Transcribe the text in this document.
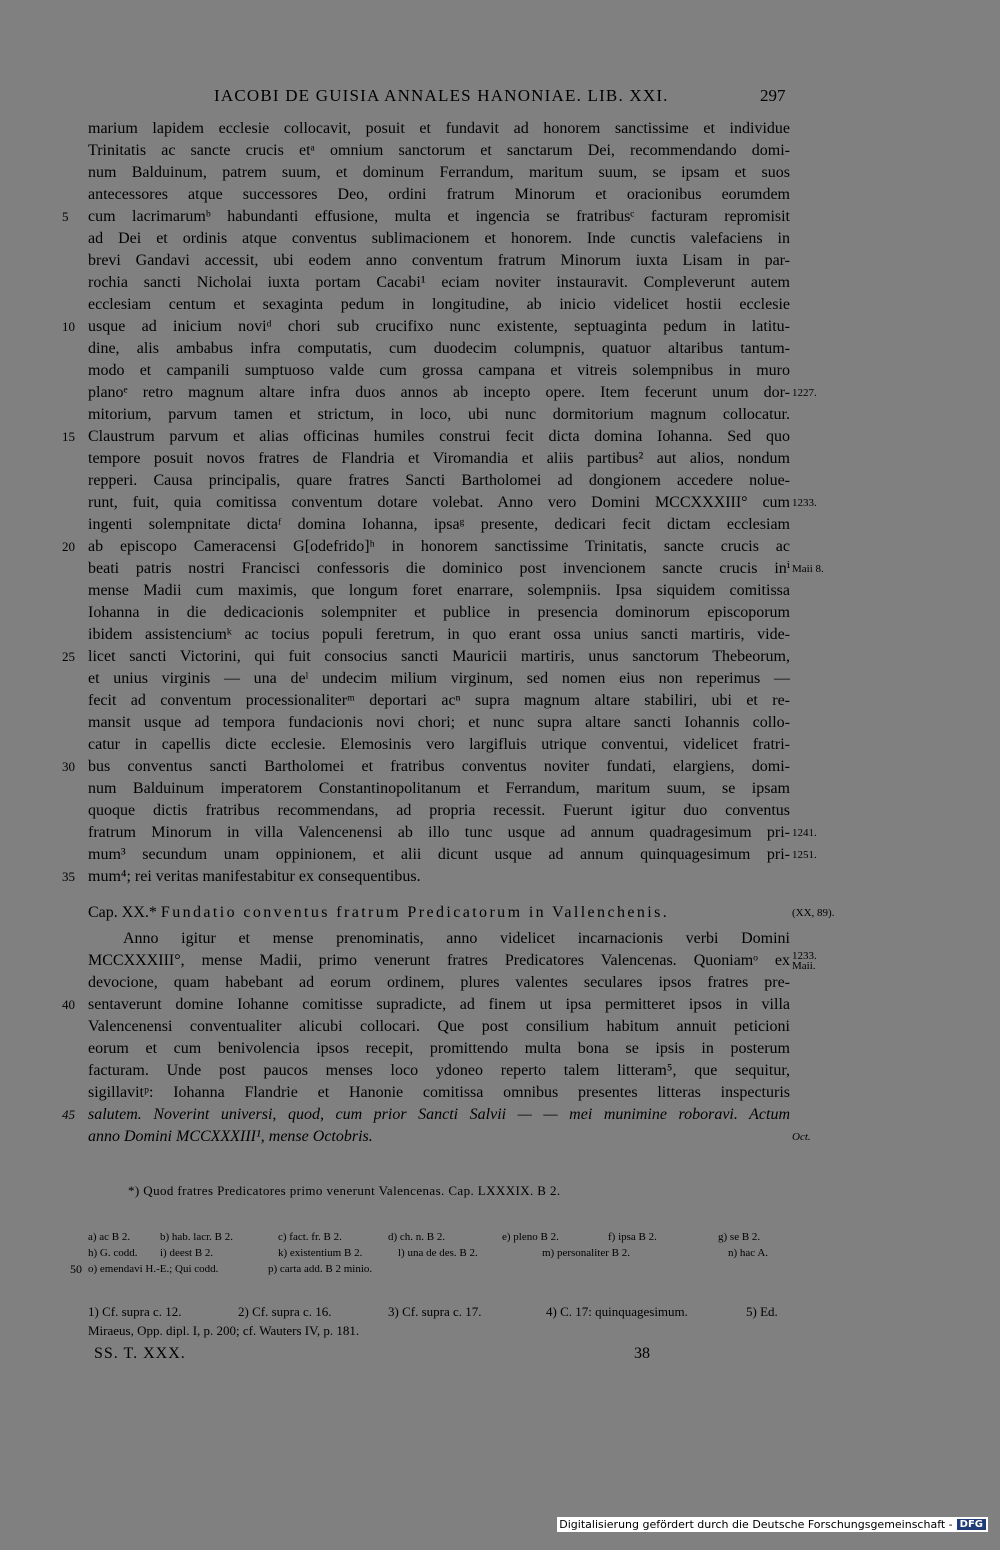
IACOBI DE GUISIA ANNALES HANONIAE. LIB. XXI.	297
marium lapidem ecclesie collocavit, posuit et fundavit ad honorem sanctissime et individue
Trinitatis ac sancte crucis etᵃ omnium sanctorum et sanctarum Dei, recommendando domi-
num Balduinum, patrem suum, et dominum Ferrandum, maritum suum, se ipsam et suos
antecessores atque successores Deo, ordini fratrum Minorum et oracionibus eorumdem
cum lacrimarumᵇ habundanti effusione, multa et ingencia se fratribusᶜ facturam repromisit
5
ad Dei et ordinis atque conventus sublimacionem et honorem. Inde cunctis valefaciens in
brevi Gandavi accessit, ubi eodem anno conventum fratrum Minorum iuxta Lisam in par-
rochia sancti Nicholai iuxta portam Cacabi¹ eciam noviter instauravit. Compleverunt autem
ecclesiam centum et sexaginta pedum in longitudine, ab inicio videlicet hostii ecclesie
usque ad inicium noviᵈ chori sub crucifixo nunc existente, septuaginta pedum in latitu-
10
dine, alis ambabus infra computatis, cum duodecim columpnis, quatuor altaribus tantum-
modo et campanili sumptuoso valde cum grossa campana et vitreis solempnibus in muro
planoᵉ retro magnum altare infra duos annos ab incepto opere. Item fecerunt unum dor- 1227.
mitorium, parvum tamen et strictum, in loco, ubi nunc dormitorium magnum collocatur.
Claustrum parvum et alias officinas humiles construi fecit dicta domina Iohanna. Sed quo
15
tempore posuit novos fratres de Flandria et Viromandia et aliis partibus² aut alios, nondum
repperi. Causa principalis, quare fratres Sancti Bartholomei ad dongionem accedere nolue-
runt, fuit, quia comitissa conventum dotare volebat. Anno vero Domini MCCXXXIII° cum 1233.
ingenti solempnitate dictaᶠ domina Iohanna, ipsaᵍ presente, dedicari fecit dictam ecclesiam
ab episcopo Cameracensi G[odefrido]ʰ in honorem sanctissime Trinitatis, sancte crucis ac
20
beati patris nostri Francisci confessoris die dominico post invencionem sancte crucis inⁱ Maii 8.
mense Madii cum maximis, que longum foret enarrare, solempniis. Ipsa siquidem comitissa
Iohanna in die dedicacionis solempniter et publice in presencia dominorum episcoporum
ibidem assistenciumᵏ ac tocius populi feretrum, in quo erant ossa unius sancti martiris, vide-
licet sancti Victorini, qui fuit consocius sancti Mauricii martiris, unus sanctorum Thebeorum,
25
et unius virginis — una deˡ undecim milium virginum, sed nomen eius non reperimus —
fecit ad conventum processionaliterᵐ deportari acⁿ supra magnum altare stabiliri, ubi et re-
mansit usque ad tempora fundacionis novi chori; et nunc supra altare sancti Iohannis collo-
catur in capellis dicte ecclesie. Elemosinis vero largifluis utrique conventui, videlicet fratri-
bus conventus sancti Bartholomei et fratribus conventus noviter fundati, elargiens, domi-
30
num Balduinum imperatorem Constantinopolitanum et Ferrandum, maritum suum, se ipsam
quoque dictis fratribus recommendans, ad propria recessit. Fuerunt igitur duo conventus
fratrum Minorum in villa Valencenensi ab illo tunc usque ad annum quadragesimum pri- 1241.
mum³ secundum unam oppinionem, et alii dicunt usque ad annum quinquagesimum pri- 1251.
mum⁴; rei veritas manifestabitur ex consequentibus.
35
Cap. XX.* Fundatio conventus fratrum Predicatorum in Vallenchenis.	(XX, 89).
Anno igitur et mense prenominatis, anno videlicet incarnacionis verbi Domini
MCCXXXIII°, mense Madii, primo venerunt fratres Predicatores Valencenas. Quoniamᵒ ex 1233.
Maii.
devocione, quam habebant ad eorum ordinem, plures valentes seculares ipsos fratres pre-
sentaverunt domine Iohanne comitisse supradicte, ad finem ut ipsa permitteret ipsos in villa
40
Valencenensi conventualiter alicubi collocari. Que post consilium habitum annuit peticioni
eorum et cum benivolencia ipsos recepit, promittendo multa bona se ipsis in posterum
facturam. Unde post paucos menses loco ydoneo reperto talem litteram⁵, que sequitur,
sigillavitᵖ: Iohanna Flandrie et Hanonie comitissa omnibus presentes litteras inspecturis
salutem. Noverint universi, quod, cum prior Sancti Salvii — — mei munimine roboravi. Actum
45
anno Domini MCCXXXIII¹, mense Octobris.	Oct.
*) Quod fratres Predicatores primo venerunt Valencenas. Cap. LXXXIX. B 2.
a) ac B 2.	b) hab. lacr. B 2.	c) fact. fr. B 2.	d) ch. n. B 2.	e) pleno B 2.	f) ipsa B 2.	g) se B 2.
h) G. codd. i) deest B 2.	k) existentium B 2.	l) una de des. B 2.	m) personaliter B 2.	n) hac A.
50 o) emendavi H.-E.; Qui codd.	p) carta add. B 2 minio.
1) Cf. supra c. 12.	2) Cf. supra c. 16.	3) Cf. supra c. 17.	4) C. 17: quinquagesimum.	5) Ed.
Miraeus, Opp. dipl. I, p. 200; cf. Wauters IV, p. 181.
SS. T. XXX.	38
Digitalisierung gefördert durch die Deutsche Forschungsgemeinschaft - DFG
